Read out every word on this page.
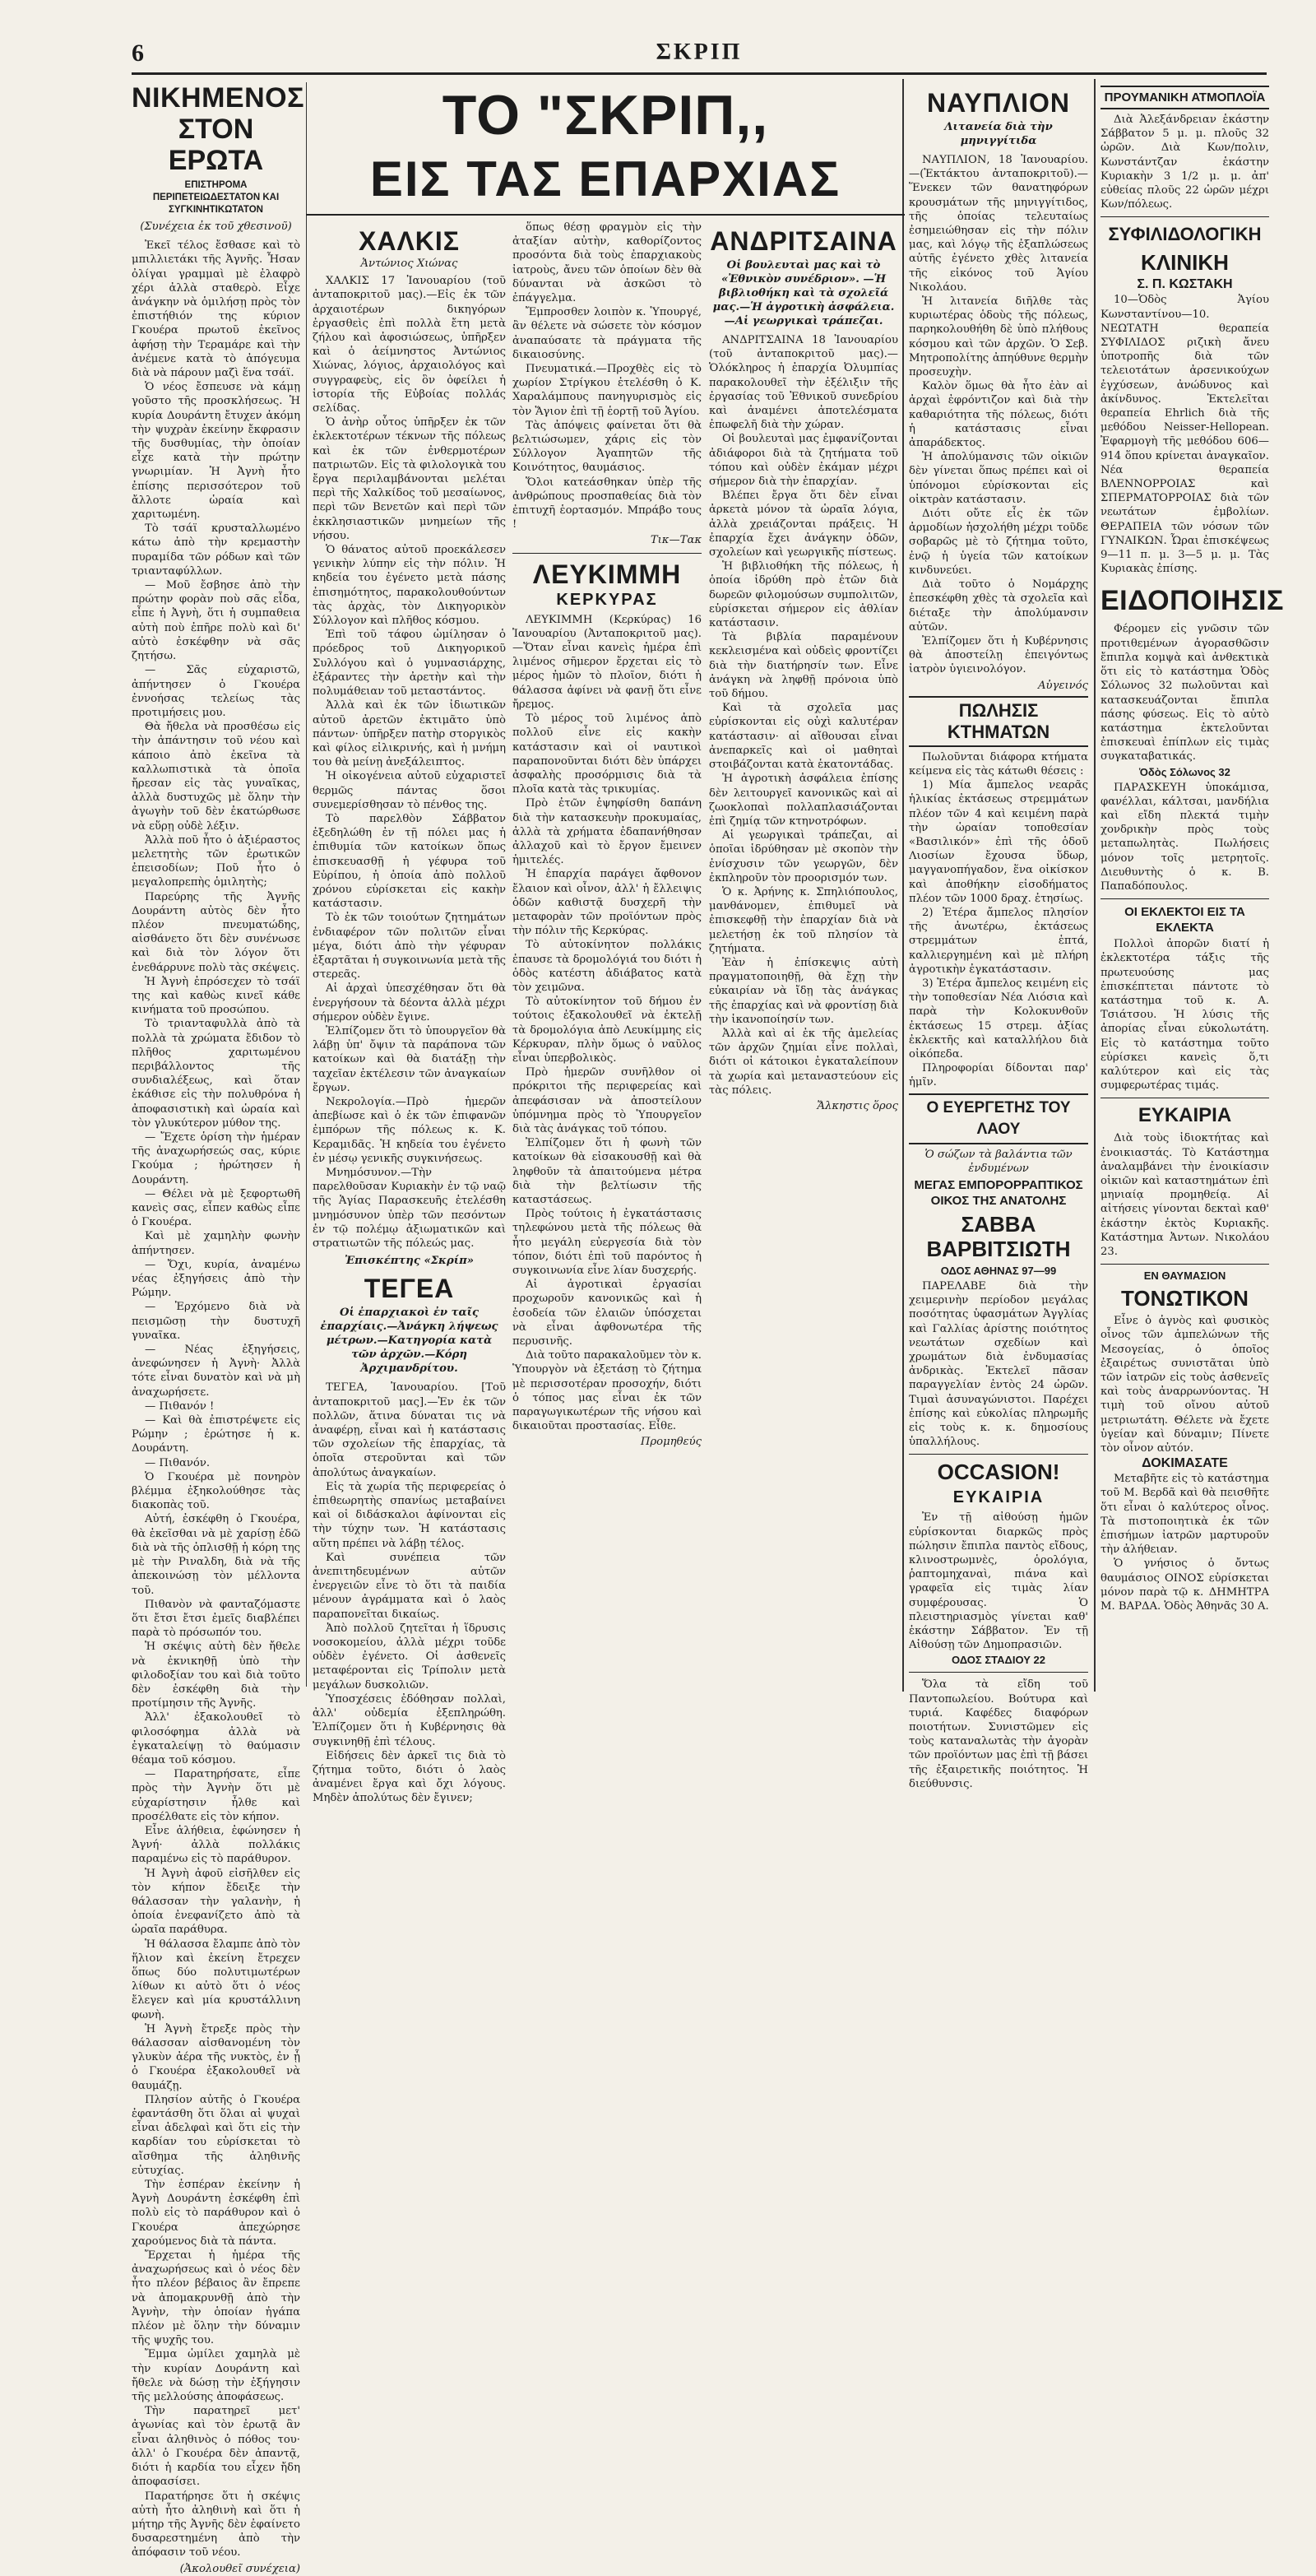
6	ΣΚΡΙΠ
ΝΙΚΗΜΕΝΟΣ
ΣΤΟΝ ΕΡΩΤΑ
ΕΠΙΣΤΗΡΟΜΑ ΠΕΡΙΠΕΤΕΙΩΔΕΣΤΑΤΟΝ ΚΑΙ ΣΥΓΚΙΝΗΤΙΚΩΤΑΤΟΝ
(Συνέχεια ἐκ τοῦ χθεσινοῦ)

Ἐκεῖ τέλος ἔσθασε καὶ τὸ μπιλλιετάκι τῆς Ἀγνῆς. Ἦσαν ὀλίγαι γραμμαὶ μὲ ἐλαφρὸ χέρι ἀλλὰ σταθερὸ. Εἶχε ἀνάγκην νὰ ὁμιλήσῃ πρὸς τὸν ἐπιστήθιόν της κύριον Γκουέρα πρωτοῦ ἐκεῖνος ἀφήσῃ τὴν Τεραμάρε καὶ τὴν ἀνέμενε κατὰ τὸ ἀπόγευμα διὰ νὰ πάρουν μαζὶ ἕνα τσάϊ.

Ὁ νέος ἔσπευσε νὰ κάμῃ γοῦστο τῆς προσκλήσεως. Ἡ κυρία Δουράντη ἔτυχεν ἀκόμη τὴν ψυχρὰν ἐκείνην ἔκφρασιν τῆς δυσθυμίας, τὴν ὁποίαν εἶχε κατὰ τὴν πρώτην γνωριμίαν. Ἡ Ἀγνὴ ἦτο ἐπίσης περισσότερον τοῦ ἄλλοτε ὡραία καὶ χαριτωμένη.

Τὸ τσάϊ κρυσταλλωμένο κάτω ἀπὸ τὴν κρεμαστὴν πυραμίδα τῶν ρόδων καὶ τῶν τριανταφύλλων.

— Μοῦ ἔσβησε ἀπὸ τὴν πρώτην φορὰν ποὺ σᾶς εἶδα, εἶπε ἡ Ἀγνὴ, ὅτι ἡ συμπαθεια αὐτὴ ποὺ ἐπῆρε πολὺ καὶ δι' αὐτὸ ἐσκέφθην νὰ σᾶς ζητήσω.

— Σᾶς εὐχαριστῶ, ἀπήντησεν ὁ Γκουέρα ἐννοήσας τελείως τὰς προτιμήσεις μου.

Θὰ ἤθελα νὰ προσθέσω εἰς τὴν ἀπάντησιν τοῦ νέου καὶ κάποιο ἀπὸ ἐκεῖνα τὰ καλλωπιστικὰ τὰ ὁποῖα ἤρεσαν εἰς τὰς γυναῖκας, ἀλλὰ δυστυχῶς μὲ ὅλην τὴν ἀγωγὴν τοῦ δὲν ἐκατώρθωσε νὰ εὕρῃ οὐδὲ λέξιν.

Ἀλλὰ ποῦ ἦτο ὁ ἀξιέραστος μελετητὴς τῶν ἐρωτικῶν ἐπεισοδίων; Ποῦ ἦτο ὁ μεγαλοπρεπὴς ὁμιλητὴς;

Παρεύρης τῆς Ἀγνῆς Δουράντη αὐτὸς δὲν ἦτο πλέον πνευματώδης, αἰσθάνετο ὅτι δὲν συνένωσε καὶ διὰ τὸν λόγον ὅτι ἐνεθάρρυνε πολὺ τὰς σκέψεις.

Ἡ Ἀγνὴ ἐπρόσεχεν τὸ τσάϊ της καὶ καθὼς κινεῖ κάθε κινήματα τοῦ προσώπου.

Τὸ τριανταφυλλὰ ἀπὸ τὰ πολλὰ τὰ χρώματα ἔδιδον τὸ πλῆθος χαριτωμένου περιβάλλοντος τῆς συνδιαλέξεως, καὶ ὅταν ἐκάθισε εἰς τὴν πολυθρόνα ἡ ἀποφασιστικὴ καὶ ὡραία καὶ τὸν γλυκύτερον μύθον της.

— Ἔχετε ὁρίση τὴν ἡμέραν τῆς ἀναχωρήσεώς σας, κύριε Γκούμα ; ἠρώτησεν ἡ Δουράντη.

— Θέλει νὰ μὲ ξεφορτωθῆ κανεὶς σας, εἶπεν καθὼς εἶπε ὁ Γκουέρα.

Καὶ μὲ χαμηλὴν φωνὴν ἀπήντησεν.

— Ὄχι, κυρία, ἀναμένω νέας ἐξηγήσεις ἀπὸ τὴν Ρώμην.

— Ἐρχόμενο διὰ νὰ πεισμῶσῃ τὴν δυστυχῆ γυναῖκα.

— Νέας ἐξηγήσεις, ἀνεφώνησεν ἡ Ἀγνὴ· Ἀλλὰ τότε εἶναι δυνατὸν καὶ νὰ μὴ ἀναχωρήσετε.

— Πιθανόν !

— Καὶ θὰ ἐπιστρέψετε εἰς Ρώμην ; ἐρώτησε ἡ κ. Δουράντη.

— Πιθανόν.

Ὁ Γκουέρα μὲ πονηρὸν βλέμμα ἐξηκολούθησε τὰς διακοπὰς τοῦ.

Αὐτή, ἐσκέφθη ὁ Γκουέρα, θὰ ἐκεῖσθαι νὰ μὲ χαρίσῃ ἐδῶ διὰ νὰ τῆς ὀπλισθῇ ἡ κόρη της μὲ τὴν Ριναλδη, διὰ νὰ τῆς ἀπεκοινώσῃ τὸν μέλλοντα τοῦ.

Πιθανὸν νὰ φανταζόμαστε ὅτι ἔτσι ἔτσι ἐμεῖς διαβλέπει παρὰ τὸ πρόσωπόν του.

Ἡ σκέψις αὐτὴ δὲν ἤθελε νὰ ἐκνικηθῇ ὑπὸ τὴν φιλοδοξίαν του καὶ διὰ τοῦτο δὲν ἐσκέφθη διὰ τὴν προτίμησιν τῆς Ἀγνῆς.

Ἀλλ' ἐξακολουθεῖ τὸ φιλοσόφημα ἀλλὰ νὰ ἐγκαταλείψῃ τὸ θαύμασιν θέαμα τοῦ κόσμου.

— Παρατηρήσατε, εἶπε πρὸς τὴν Ἀγνὴν ὅτι μὲ εὐχαρίστησιν ἦλθε καὶ προσέλθατε εἰς τὸν κήπον.

Εἶνε ἀλήθεια, ἐφώνησεν ἡ Ἀγνή· ἀλλὰ πολλάκις παραμένω εἰς τὸ παράθυρον.

Ἡ Ἀγνὴ ἀφοῦ εἰσῆλθεν εἰς τὸν κήπον ἔδειξε τὴν θάλασσαν τὴν γαλανὴν, ἡ ὁποία ἐνεφανίζετο ἀπὸ τὰ ὡραῖα παράθυρα.

Ἡ θάλασσα ἔλαμπε ἀπὸ τὸν ἥλιον καὶ ἐκείνη ἔτρεχεν ὅπως δύο πολυτιμωτέρων λίθων κι αὐτὸ ὅτι ὁ νέος ἔλεγεν καὶ μία κρυστάλλινη φωνὴ.

Ἡ Ἀγνὴ ἔτρεξε πρὸς τὴν θάλασσαν αἰσθανομένη τὸν γλυκὺν ἀέρα τῆς νυκτὸς, ἐν ᾗ ὁ Γκουέρα ἐξακολουθεῖ νὰ θαυμάζῃ.

Πλησίον αὐτῆς ὁ Γκουέρα ἐφαντάσθη ὅτι ὅλαι αἱ ψυχαὶ εἶναι ἀδελφαὶ καὶ ὅτι εἰς τὴν καρδίαν του εὑρίσκεται τὸ αἴσθημα τῆς ἀληθινῆς εὐτυχίας.

Τὴν ἑσπέραν ἐκείνην ἡ Ἀγνὴ Δουράντη ἐσκέφθη ἐπὶ πολὺ εἰς τὸ παράθυρον καὶ ὁ Γκουέρα ἀπεχώρησε χαρούμενος διὰ τὰ πάντα.

Ἔρχεται ἡ ἡμέρα τῆς ἀναχωρήσεως καὶ ὁ νέος δὲν ἦτο πλέον βέβαιος ἂν ἔπρεπε νὰ ἀπομακρυνθῇ ἀπὸ τὴν Ἀγνὴν, τὴν ὁποίαν ἠγάπα πλέον μὲ ὅλην τὴν δύναμιν τῆς ψυχῆς του.

Ἔμμα ὡμίλει χαμηλὰ μὲ τὴν κυρίαν Δουράντη καὶ ἤθελε νὰ δώσῃ τὴν ἐξήγησιν τῆς μελλούσης ἀποφάσεως.

Τὴν παρατηρεῖ μετ' ἀγωνίας καὶ τὸν ἐρωτᾷ ἂν εἶναι ἀληθινὸς ὁ πόθος του· ἀλλ' ὁ Γκουέρα δὲν ἀπαντᾷ, διότι ἡ καρδία του εἶχεν ἤδη ἀποφασίσει.

Παρατήρησε ὅτι ἡ σκέψις αὐτὴ ἦτο ἀληθινὴ καὶ ὅτι ἡ μήτηρ τῆς Ἀγνῆς δὲν ἐφαίνετο δυσαρεστημένη ἀπὸ τὴν ἀπόφασιν τοῦ νέου.

(Ἀκολουθεῖ συνέχεια)
ΤΟ "ΣΚΡΙΠ,,
ΕΙΣ ΤΑΣ ΕΠΑΡΧΙΑΣ
ΧΑΛΚΙΣ
Ἀντώνιος Χιώνας

ΧΑΛΚΙΣ 17 Ἰανουαρίου (τοῦ ἀνταποκριτοῦ μας).—Εἰς ἐκ τῶν ἀρχαιοτέρων δικηγόρων ἐργασθεὶς ἐπὶ πολλὰ ἔτη μετὰ ζήλου καὶ ἀφοσιώσεως, ὑπῆρξεν καὶ ὁ ἀείμνηστος Ἀντώνιος Χιώνας, λόγιος, ἀρχαιολόγος καὶ συγγραφεὺς, εἰς ὃν ὀφείλει ἡ ἱστορία τῆς Εὐβοίας πολλάς σελίδας.

Ὁ ἀνὴρ οὗτος ὑπῆρξεν ἐκ τῶν ἐκλεκτοτέρων τέκνων τῆς πόλεως καὶ ἐκ τῶν ἐνθερμοτέρων πατριωτῶν. Εἰς τὰ φιλολογικὰ του ἔργα περιλαμβάνονται μελέται περὶ τῆς Χαλκίδος τοῦ μεσαίωνος, περὶ τῶν Βενετῶν καὶ περὶ τῶν ἐκκλησιαστικῶν μνημείων τῆς νήσου.

Ὁ θάνατος αὐτοῦ προεκάλεσεν γενικὴν λύπην εἰς τὴν πόλιν. Ἡ κηδεία του ἐγένετο μετὰ πάσης ἐπισημότητος, παρακολουθούντων τὰς ἀρχὰς, τὸν Δικηγορικὸν Σύλλογον καὶ πλῆθος κόσμου.

Ἐπὶ τοῦ τάφου ὡμίλησαν ὁ πρόεδρος τοῦ Δικηγορικοῦ Συλλόγου καὶ ὁ γυμνασιάρχης, ἐξάραντες τὴν ἀρετὴν καὶ τὴν πολυμάθειαν τοῦ μεταστάντος.

Ἀλλὰ καὶ ἐκ τῶν ἰδιωτικῶν αὐτοῦ ἀρετῶν ἐκτιμᾶτο ὑπὸ πάντων· ὑπῆρξεν πατὴρ στοργικὸς καὶ φίλος εἰλικρινής, καὶ ἡ μνήμη του θὰ μείνῃ ἀνεξάλειπτος.

Ἡ οἰκογένεια αὐτοῦ εὐχαριστεῖ θερμῶς πάντας ὅσοι συνεμερίσθησαν τὸ πένθος της.

Τὸ παρελθὸν Σάββατον ἐξεδηλώθη ἐν τῇ πόλει μας ἡ ἐπιθυμία τῶν κατοίκων ὅπως ἐπισκευασθῇ ἡ γέφυρα τοῦ Εὐρίπου, ἡ ὁποία ἀπὸ πολλοῦ χρόνου εὑρίσκεται εἰς κακὴν κατάστασιν.

Τὸ ἐκ τῶν τοιούτων ζητημάτων ἐνδιαφέρον τῶν πολιτῶν εἶναι μέγα, διότι ἀπὸ τὴν γέφυραν ἐξαρτᾶται ἡ συγκοινωνία μετὰ τῆς στερεᾶς.

Αἱ ἀρχαὶ ὑπεσχέθησαν ὅτι θὰ ἐνεργήσουν τὰ δέοντα ἀλλὰ μέχρι σήμερον οὐδὲν ἔγινε.

Ἐλπίζομεν ὅτι τὸ ὑπουργεῖον θὰ λάβῃ ὑπ' ὄψιν τὰ παράπονα τῶν κατοίκων καὶ θὰ διατάξῃ τὴν ταχεῖαν ἐκτέλεσιν τῶν ἀναγκαίων ἔργων.

Νεκρολογία.—Πρὸ ἡμερῶν ἀπεβίωσε καὶ ὁ ἐκ τῶν ἐπιφανῶν ἐμπόρων τῆς πόλεως κ. Κ. Κεραμιδᾶς. Ἡ κηδεία του ἐγένετο ἐν μέσῳ γενικῆς συγκινήσεως.

Μνημόσυνον.—Τὴν παρελθοῦσαν Κυριακὴν ἐν τῷ ναῷ τῆς Ἁγίας Παρασκευῆς ἐτελέσθη μνημόσυνον ὑπὲρ τῶν πεσόντων ἐν τῷ πολέμῳ ἀξιωματικῶν καὶ στρατιωτῶν τῆς πόλεώς μας.

Ἐπισκέπτης «Σκρίπ»
ΤΕΓΕΑ
Οἱ ἐπαρχιακοὶ ἐν ταῖς ἐπαρχίαις.—Ἀνάγκη λήψεως μέτρων.—Κατηγορία κατὰ τῶν ἀρχῶν.—Κόρη Ἀρχιμανδρίτου.

ΤΕΓΕΑ, Ἰανουαρίου. [Τοῦ ἀνταποκριτοῦ μας].—Ἐν ἐκ τῶν πολλῶν, ἅτινα δύναται τις νὰ ἀναφέρῃ, εἶναι καὶ ἡ κατάστασις τῶν σχολείων τῆς ἐπαρχίας, τὰ ὁποῖα στεροῦνται καὶ τῶν ἀπολύτως ἀναγκαίων.

Εἰς τὰ χωρία τῆς περιφερείας ὁ ἐπιθεωρητὴς σπανίως μεταβαίνει καὶ οἱ διδάσκαλοι ἀφίνονται εἰς τὴν τύχην των. Ἡ κατάστασις αὕτη πρέπει νὰ λάβῃ τέλος.

Καὶ συνέπεια τῶν ἀνεπιτηδευμένων αὐτῶν ἐνεργειῶν εἶνε τὸ ὅτι τὰ παιδία μένουν ἀγράμματα καὶ ὁ λαὸς παραπονεῖται δικαίως.

Ἀπὸ πολλοῦ ζητεῖται ἡ ἵδρυσις νοσοκομείου, ἀλλὰ μέχρι τοῦδε οὐδὲν ἐγένετο. Οἱ ἀσθενεῖς μεταφέρονται εἰς Τρίπολιν μετὰ μεγάλων δυσκολιῶν.

Ὑποσχέσεις ἐδόθησαν πολλαὶ, ἀλλ' οὐδεμία ἐξεπληρώθη. Ἐλπίζομεν ὅτι ἡ Κυβέρνησις θὰ συγκινηθῇ ἐπὶ τέλους.

Εἰδήσεις δὲν ἀρκεῖ τις διὰ τὸ ζήτημα τοῦτο, διότι ὁ λαὸς ἀναμένει ἔργα καὶ ὄχι λόγους. Μηδὲν ἀπολύτως δὲν ἔγινεν;

ὅπως θέσῃ φραγμὸν εἰς τὴν ἀταξίαν αὐτὴν, καθορίζοντος προσόντα διὰ τοὺς ἐπαρχιακοὺς ἰατροὺς, ἄνευ τῶν ὁποίων δὲν θὰ δύνανται νὰ ἀσκῶσι τὸ ἐπάγγελμα.

Ἔμπροσθεν λοιπὸν κ. Ὑπουργέ, ἂν θέλετε νὰ σώσετε τὸν κόσμον ἀναπαύσατε τὰ πράγματα τῆς δικαιοσύνης.

Πνευματικά.—Προχθὲς εἰς τὸ χωρίον Στρίγκου ἐτελέσθη ὁ Κ. Χαραλάμπους πανηγυρισμὸς εἰς τὸν Ἅγιον ἐπὶ τῇ ἑορτῇ τοῦ Ἁγίου.

Τὰς ἀπόψεις φαίνεται ὅτι θὰ βελτιώσωμεν, χάρις εἰς τὸν Σύλλογον Ἀγαπητῶν τῆς Κοινότητος, θαυμάσιος.

Ὅλοι κατεάσθηκαν ὑπὲρ τῆς ἀνθρώπους προσπαθείας διὰ τὸν ἐπιτυχῆ ἑορτασμόν. Μπράβο τους !

Τικ—Τακ
ΛΕΥΚΙΜΜΗ
ΚΕΡΚΥΡΑΣ

ΛΕΥΚΙΜΜΗ (Κερκύρας) 16 Ἰανουαρίου (Ἀνταποκριτοῦ μας). —Ὅταν εἶναι κανεὶς ἡμέρα ἐπὶ λιμένος σῆμερον ἔρχεται εἰς τὸ μέρος ἡμῶν τὸ πλοῖον, διότι ἡ θάλασσα ἀφίνει νὰ φανῇ ὅτι εἶνε ἤρεμος.

Τὸ μέρος τοῦ λιμένος ἀπὸ πολλοῦ εἶνε εἰς κακὴν κατάστασιν καὶ οἱ ναυτικοὶ παραπονοῦνται διότι δὲν ὑπάρχει ἀσφαλὴς προσόρμισις διὰ τὰ πλοῖα κατὰ τὰς τρικυμίας.

Πρὸ ἐτῶν ἐψηφίσθη δαπάνη διὰ τὴν κατασκευὴν προκυμαίας, ἀλλὰ τὰ χρήματα ἐδαπανήθησαν ἀλλαχοῦ καὶ τὸ ἔργον ἔμεινεν ἡμιτελές.

Ἡ ἐπαρχία παράγει ἄφθονον ἔλαιον καὶ οἶνον, ἀλλ' ἡ ἔλλειψις ὁδῶν καθιστᾷ δυσχερῆ τὴν μεταφορὰν τῶν προϊόντων πρὸς τὴν πόλιν τῆς Κερκύρας.

Τὸ αὐτοκίνητον πολλάκις ἐπαυσε τὰ δρομολόγιά του διότι ἡ ὁδὸς κατέστη ἀδιάβατος κατὰ τὸν χειμῶνα.

Τὸ αὐτοκίνητον τοῦ δήμου ἐν τούτοις ἐξακολουθεῖ νὰ ἐκτελῇ τὰ δρομολόγια ἀπὸ Λευκίμμης εἰς Κέρκυραν, πλὴν ὅμως ὁ ναῦλος εἶναι ὑπερβολικὸς.

Πρὸ ἡμερῶν συνῆλθον οἱ πρόκριτοι τῆς περιφερείας καὶ ἀπεφάσισαν νὰ ἀποστείλουν ὑπόμνημα πρὸς τὸ Ὑπουργεῖον διὰ τὰς ἀνάγκας τοῦ τόπου.

Ἐλπίζομεν ὅτι ἡ φωνὴ τῶν κατοίκων θὰ εἰσακουσθῇ καὶ θὰ ληφθοῦν τὰ ἀπαιτούμενα μέτρα διὰ τὴν βελτίωσιν τῆς καταστάσεως.

Πρὸς τούτοις ἡ ἐγκατάστασις τηλεφώνου μετὰ τῆς πόλεως θὰ ἦτο μεγάλη εὐεργεσία διὰ τὸν τόπον, διότι ἐπὶ τοῦ παρόντος ἡ συγκοινωνία εἶνε λίαν δυσχερής.

Αἱ ἀγροτικαὶ ἐργασίαι προχωροῦν κανονικῶς καὶ ἡ ἐσοδεία τῶν ἐλαιῶν ὑπόσχεται νὰ εἶναι ἀφθονωτέρα τῆς περυσινῆς.

Διὰ τοῦτο παρακαλοῦμεν τὸν κ. Ὑπουργὸν νὰ ἐξετάσῃ τὸ ζήτημα μὲ περισσοτέραν προσοχήν, διότι ὁ τόπος μας εἶναι ἐκ τῶν παραγωγικωτέρων τῆς νήσου καὶ δικαιοῦται προστασίας. Εἶθε.

Προμηθεύς
ΑΝΔΡΙΤΣΑΙΝΑ
Οἱ βουλευταὶ μας καὶ τὸ «Ἐθνικὸν συνέδριον». —Ἡ βιβλιοθήκη καὶ τὰ σχολεῖά μας.—Ἡ ἀγροτικὴ ἀσφάλεια.—Αἱ γεωργικαὶ τράπεζαι.

ΑΝΔΡΙΤΣΑΙΝΑ 18 Ἰανουαρίου (τοῦ ἀνταποκριτοῦ μας).—Ὁλόκληρος ἡ ἐπαρχία Ὀλυμπίας παρακολουθεῖ τὴν ἐξέλιξιν τῆς ἐργασίας τοῦ Ἐθνικοῦ συνεδρίου καὶ ἀναμένει ἀποτελέσματα ἐπωφελῆ διὰ τὴν χώραν.

Οἱ βουλευταὶ μας ἐμφανίζονται ἀδιάφοροι διὰ τὰ ζητήματα τοῦ τόπου καὶ οὐδὲν ἐκάμαν μέχρι σήμερον διὰ τὴν ἐπαρχίαν.

Βλέπει ἔργα ὅτι δὲν εἶναι ἀρκετὰ μόνον τὰ ὡραῖα λόγια, ἀλλὰ χρειάζονται πράξεις. Ἡ ἐπαρχία ἔχει ἀνάγκην ὁδῶν, σχολείων καὶ γεωργικῆς πίστεως.

Ἡ βιβλιοθήκη τῆς πόλεως, ἡ ὁποία ἱδρύθη πρὸ ἐτῶν διὰ δωρεῶν φιλομούσων συμπολιτῶν, εὑρίσκεται σήμερον εἰς ἀθλίαν κατάστασιν.

Τὰ βιβλία παραμένουν κεκλεισμένα καὶ οὐδεὶς φροντίζει διὰ τὴν διατήρησίν των. Εἶνε ἀνάγκη νὰ ληφθῇ πρόνοια ὑπὸ τοῦ δήμου.

Καὶ τὰ σχολεῖα μας εὑρίσκονται εἰς οὐχὶ καλυτέραν κατάστασιν· αἱ αἴθουσαι εἶναι ἀνεπαρκεῖς καὶ οἱ μαθηταὶ στοιβάζονται κατὰ ἑκατοντάδας.

Ἡ ἀγροτικὴ ἀσφάλεια ἐπίσης δὲν λειτουργεῖ κανονικῶς καὶ αἱ ζωοκλοπαὶ πολλαπλασιάζονται ἐπὶ ζημίᾳ τῶν κτηνοτρόφων.

Αἱ γεωργικαὶ τράπεζαι, αἱ ὁποῖαι ἱδρύθησαν μὲ σκοπὸν τὴν ἐνίσχυσιν τῶν γεωργῶν, δὲν ἐκπληροῦν τὸν προορισμόν των.

Ὁ κ. Ἀρήνης κ. Σπηλιόπουλος, μανθάνομεν, ἐπιθυμεῖ νὰ ἐπισκεφθῇ τὴν ἐπαρχίαν διὰ νὰ μελετήσῃ ἐκ τοῦ πλησίον τὰ ζητήματα.

Ἐὰν ἡ ἐπίσκεψις αὐτὴ πραγματοποιηθῇ, θὰ ἔχῃ τὴν εὐκαιρίαν νὰ ἴδῃ τὰς ἀνάγκας τῆς ἐπαρχίας καὶ νὰ φροντίσῃ διὰ τὴν ἱκανοποίησίν των.

Ἀλλὰ καὶ αἱ ἐκ τῆς ἀμελείας τῶν ἀρχῶν ζημίαι εἶνε πολλαὶ, διότι οἱ κάτοικοι ἐγκαταλείπουν τὰ χωρία καὶ μεταναστεύουν εἰς τὰς πόλεις.

Ἄλκηστις ὅρος
ΝΑΥΠΛΙΟΝ
Λιτανεία διὰ τὴν μηνιγγίτιδα

ΝΑΥΠΛΙΟΝ, 18 Ἰανουαρίου.—(Ἐκτάκτου ἀνταποκριτοῦ).—Ἕνεκεν τῶν θανατηφόρων κρουσμάτων τῆς μηνιγγίτιδος, τῆς ὁποίας τελευταίως ἐσημειώθησαν εἰς τὴν πόλιν μας, καὶ λόγῳ τῆς ἐξαπλώσεως αὐτῆς ἐγένετο χθὲς λιτανεία τῆς εἰκόνος τοῦ Ἁγίου Νικολάου.

Ἡ λιτανεία διῆλθε τὰς κυριωτέρας ὁδοὺς τῆς πόλεως, παρηκολουθήθη δὲ ὑπὸ πλήθους κόσμου καὶ τῶν ἀρχῶν. Ὁ Σεβ. Μητροπολίτης ἀπηύθυνε θερμὴν προσευχὴν.

Καλὸν ὅμως θὰ ἦτο ἐὰν αἱ ἀρχαὶ ἐφρόντιζον καὶ διὰ τὴν καθαριότητα τῆς πόλεως, διότι ἡ κατάστασις εἶναι ἀπαράδεκτος.

Ἡ ἀπολύμανσις τῶν οἰκιῶν δὲν γίνεται ὅπως πρέπει καὶ οἱ ὑπόνομοι εὑρίσκονται εἰς οἰκτρὰν κατάστασιν.

Διότι οὔτε εἷς ἐκ τῶν ἀρμοδίων ἠσχολήθη μέχρι τοῦδε σοβαρῶς μὲ τὸ ζήτημα τοῦτο, ἐνῷ ἡ ὑγεία τῶν κατοίκων κινδυνεύει.

Διὰ τοῦτο ὁ Νομάρχης ἐπεσκέφθη χθὲς τὰ σχολεῖα καὶ διέταξε τὴν ἀπολύμανσιν αὐτῶν.

Ἐλπίζομεν ὅτι ἡ Κυβέρνησις θὰ ἀποστείλῃ ἐπειγόντως ἰατρὸν ὑγιεινολόγον.

Αὐγεινός
ΠΩΛΗΣΙΣ ΚΤΗΜΑΤΩΝ

Πωλοῦνται διάφορα κτήματα κείμενα εἰς τὰς κάτωθι θέσεις :

1) Μία ἄμπελος νεαρᾶς ἡλικίας ἐκτάσεως στρεμμάτων πλέον τῶν 4 καὶ κειμένη παρὰ τὴν ὡραίαν τοποθεσίαν «Βασιλικόν» ἐπὶ τῆς ὁδοῦ Λιοσίων ἔχουσα ὕδωρ, μαγγανοπήγαδον, ἕνα οἰκίσκον καὶ ἀποθήκην εἰσοδήματος πλέον τῶν 1000 δραχ. ἐτησίως.

2) Ἑτέρα ἄμπελος πλησίον τῆς ἀνωτέρω, ἐκτάσεως στρεμμάτων ἑπτά, καλλιεργημένη καὶ μὲ πλήρη ἀγροτικὴν ἐγκατάστασιν.

3) Ἑτέρα ἄμπελος κειμένη εἰς τὴν τοποθεσίαν Νέα Λιόσια καὶ παρὰ τὴν Κολοκυνθοῦν ἐκτάσεως 15 στρεμ. ἀξίας ἐκλεκτῆς καὶ καταλλήλου διὰ οἰκόπεδα.

Πληροφορίαι δίδονται παρ' ἡμῖν.

Ο ΕΥΕΡΓΕΤΗΣ ΤΟΥ ΛΑΟΥ
Ὁ σώζων τὰ βαλάντια τῶν ἐνδυμένων
ΜΕΓΑΣ ΕΜΠΟΡΟΡΡΑΠΤΙΚΟΣ ΟΙΚΟΣ ΤΗΣ ΑΝΑΤΟΛΗΣ
ΣΑΒΒΑ ΒΑΡΒΙΤΣΙΩΤΗ
ΟΔΟΣ ΑΘΗΝΑΣ 97—99

ΠΑΡΕΛΑΒΕ διὰ τὴν χειμερινὴν περίοδον μεγάλας ποσότητας ὑφασμάτων Ἀγγλίας καὶ Γαλλίας ἀρίστης ποιότητος νεωτάτων σχεδίων καὶ χρωμάτων διὰ ἐνδυμασίας ἀνδρικὰς. Ἐκτελεῖ πᾶσαν παραγγελίαν ἐντὸς 24 ὡρῶν. Τιμαὶ ἀσυναγώνιστοι. Παρέχει ἐπίσης καὶ εὐκολίας πληρωμῆς εἰς τοὺς κ. κ. δημοσίους ὑπαλλήλους.

OCCASION!
ΕΥΚΑΙΡΙΑ

Ἐν τῇ αἰθούσῃ ἡμῶν εὑρίσκονται διαρκῶς πρὸς πώλησιν ἔπιπλα παντὸς εἴδους, κλινοστρωμνὲς, ὁρολόγια, ῥαπτομηχαναὶ, πιάνα καὶ γραφεῖα εἰς τιμὰς λίαν συμφέρουσας. Ὁ πλειστηριασμὸς γίνεται καθ' ἑκάστην Σάββατον. Ἐν τῇ Αἰθούσῃ τῶν Δημοπρασιῶν.

ΟΔΟΣ ΣΤΑΔΙΟΥ 22

Ὅλα τὰ εἴδη τοῦ Παντοπωλείου. Βούτυρα καὶ τυριά. Καφέδες διαφόρων ποιοτήτων. Συνιστῶμεν εἰς τοὺς καταναλωτὰς τὴν ἀγορὰν τῶν προϊόντων μας ἐπὶ τῇ βάσει τῆς ἐξαιρετικῆς ποιότητος. Ἡ διεύθυνσις.

ΠΡΟΥΜΑΝΙΚΗ ΑΤΜΟΠΛΟΪΑ

Διὰ Ἀλεξάνδρειαν ἑκάστην Σάββατον 5 μ. μ. πλοῦς 32 ὡρῶν. Διὰ Κων/πολιν, Κωνστάντζαν ἑκάστην Κυριακὴν 3 1/2 μ. μ. ἀπ' εὐθείας πλοῦς 22 ὡρῶν μέχρι Κων/πόλεως.

ΣΥΦΙΛΙΔΟΛΟΓΙΚΗ
ΚΛΙΝΙΚΗ
Σ. Π. ΚΩΣΤΑΚΗ

10—Ὁδὸς Ἁγίου Κωνσταντίνου—10. ΝΕΩΤΑΤΗ θεραπεία ΣΥΦΙΛΙΔΟΣ ριζικὴ ἄνευ ὑποτροπῆς διὰ τῶν τελειοτάτων ἀρσενικούχων ἐγχύσεων, ἀνώδυνος καὶ ἀκίνδυνος. Ἐκτελεῖται θεραπεία Ehrlich διὰ τῆς μεθόδου Neisser-Hellopean. Ἐφαρμογὴ τῆς μεθόδου 606—914 ὅπου κρίνεται ἀναγκαῖον. Νέα θεραπεία ΒΛΕΝΝΟΡΡΟΙΑΣ καὶ ΣΠΕΡΜΑΤΟΡΡΟΙΑΣ διὰ τῶν νεωτάτων ἐμβολίων. ΘΕΡΑΠΕΙΑ τῶν νόσων τῶν ΓΥΝΑΙΚΩΝ. Ὧραι ἐπισκέψεως 9—11 π. μ. 3—5 μ. μ. Τὰς Κυριακὰς ἐπίσης.

ΕΙΔΟΠΟΙΗΣΙΣ

Φέρομεν εἰς γνῶσιν τῶν προτιθεμένων ἀγορασθῶσιν ἔπιπλα κομψὰ καὶ ἀνθεκτικὰ ὅτι εἰς τὸ κατάστημα Ὁδὸς Σόλωνος 32 πωλοῦνται καὶ κατασκευάζονται ἔπιπλα πάσης φύσεως. Εἰς τὸ αὐτὸ κατάστημα ἐκτελοῦνται ἐπισκευαὶ ἐπίπλων εἰς τιμὰς συγκαταβατικάς.

Ὁδὸς Σόλωνος 32

ΠΑΡΑΣΚΕΥΗ ὑποκάμισα, φανέλλαι, κάλτσαι, μανδήλια καὶ εἴδη πλεκτά τιμὴν χονδρικὴν πρὸς τοὺς μεταπωλητὰς. Πωλήσεις μόνον τοῖς μετρητοῖς. Διευθυντὴς ὁ κ. Β. Παπαδόπουλος.

ΟΙ ΕΚΛΕΚΤΟΙ ΕΙΣ ΤΑ ΕΚΛΕΚΤΑ

Πολλοὶ ἀπορῶν διατί ἡ ἐκλεκτοτέρα τάξις τῆς πρωτευούσης μας ἐπισκέπτεται πάντοτε τὸ κατάστημα τοῦ κ. Α. Τσιάτσου. Ἡ λύσις τῆς ἀπορίας εἶναι εὐκολωτάτη. Εἰς τὸ κατάστημα τοῦτο εὑρίσκει κανεὶς ὅ,τι καλύτερον καὶ εἰς τὰς συμφερωτέρας τιμάς.

ΕΥΚΑΙΡΙΑ

Διὰ τοὺς ἰδιοκτήτας καὶ ἐνοικιαστάς. Τὸ Κατάστημα ἀναλαμβάνει τὴν ἐνοικίασιν οἰκιῶν καὶ καταστημάτων ἐπὶ μηνιαίᾳ προμηθείᾳ. Αἱ αἰτήσεις γίνονται δεκταὶ καθ' ἑκάστην ἐκτὸς Κυριακῆς. Κατάστημα Ἀντων. Νικολάου 23.

ΕΝ ΘΑΥΜΑΣΙΟΝ
ΤΟΝΩΤΙΚΟΝ

Εἶνε ὁ ἀγνὸς καὶ φυσικὸς οἶνος τῶν ἀμπελώνων τῆς Μεσογείας, ὁ ὁποῖος ἐξαιρέτως συνιστᾶται ὑπὸ τῶν ἰατρῶν εἰς τοὺς ἀσθενεῖς καὶ τοὺς ἀναρρωνύοντας. Ἡ τιμὴ τοῦ οἴνου αὐτοῦ μετριωτάτη. Θέλετε νὰ ἔχετε ὑγείαν καὶ δύναμιν; Πίνετε τὸν οἶνον αὐτόν.

ΔΟΚΙΜΑΣΑΤΕ

Μεταβῆτε εἰς τὸ κατάστημα τοῦ Μ. Βερδᾶ καὶ θὰ πεισθῆτε ὅτι εἶναι ὁ καλύτερος οἶνος. Τὰ πιστοποιητικὰ ἐκ τῶν ἐπισήμων ἰατρῶν μαρτυροῦν τὴν ἀλήθειαν.

Ὁ γνήσιος ὁ ὄντως θαυμάσιος ΟΙΝΟΣ εὑρίσκεται μόνον παρὰ τῷ κ. ΔΗΜΗΤΡΑ Μ. ΒΑΡΔΑ. Ὁδὸς Ἀθηνᾶς 30 Α.
